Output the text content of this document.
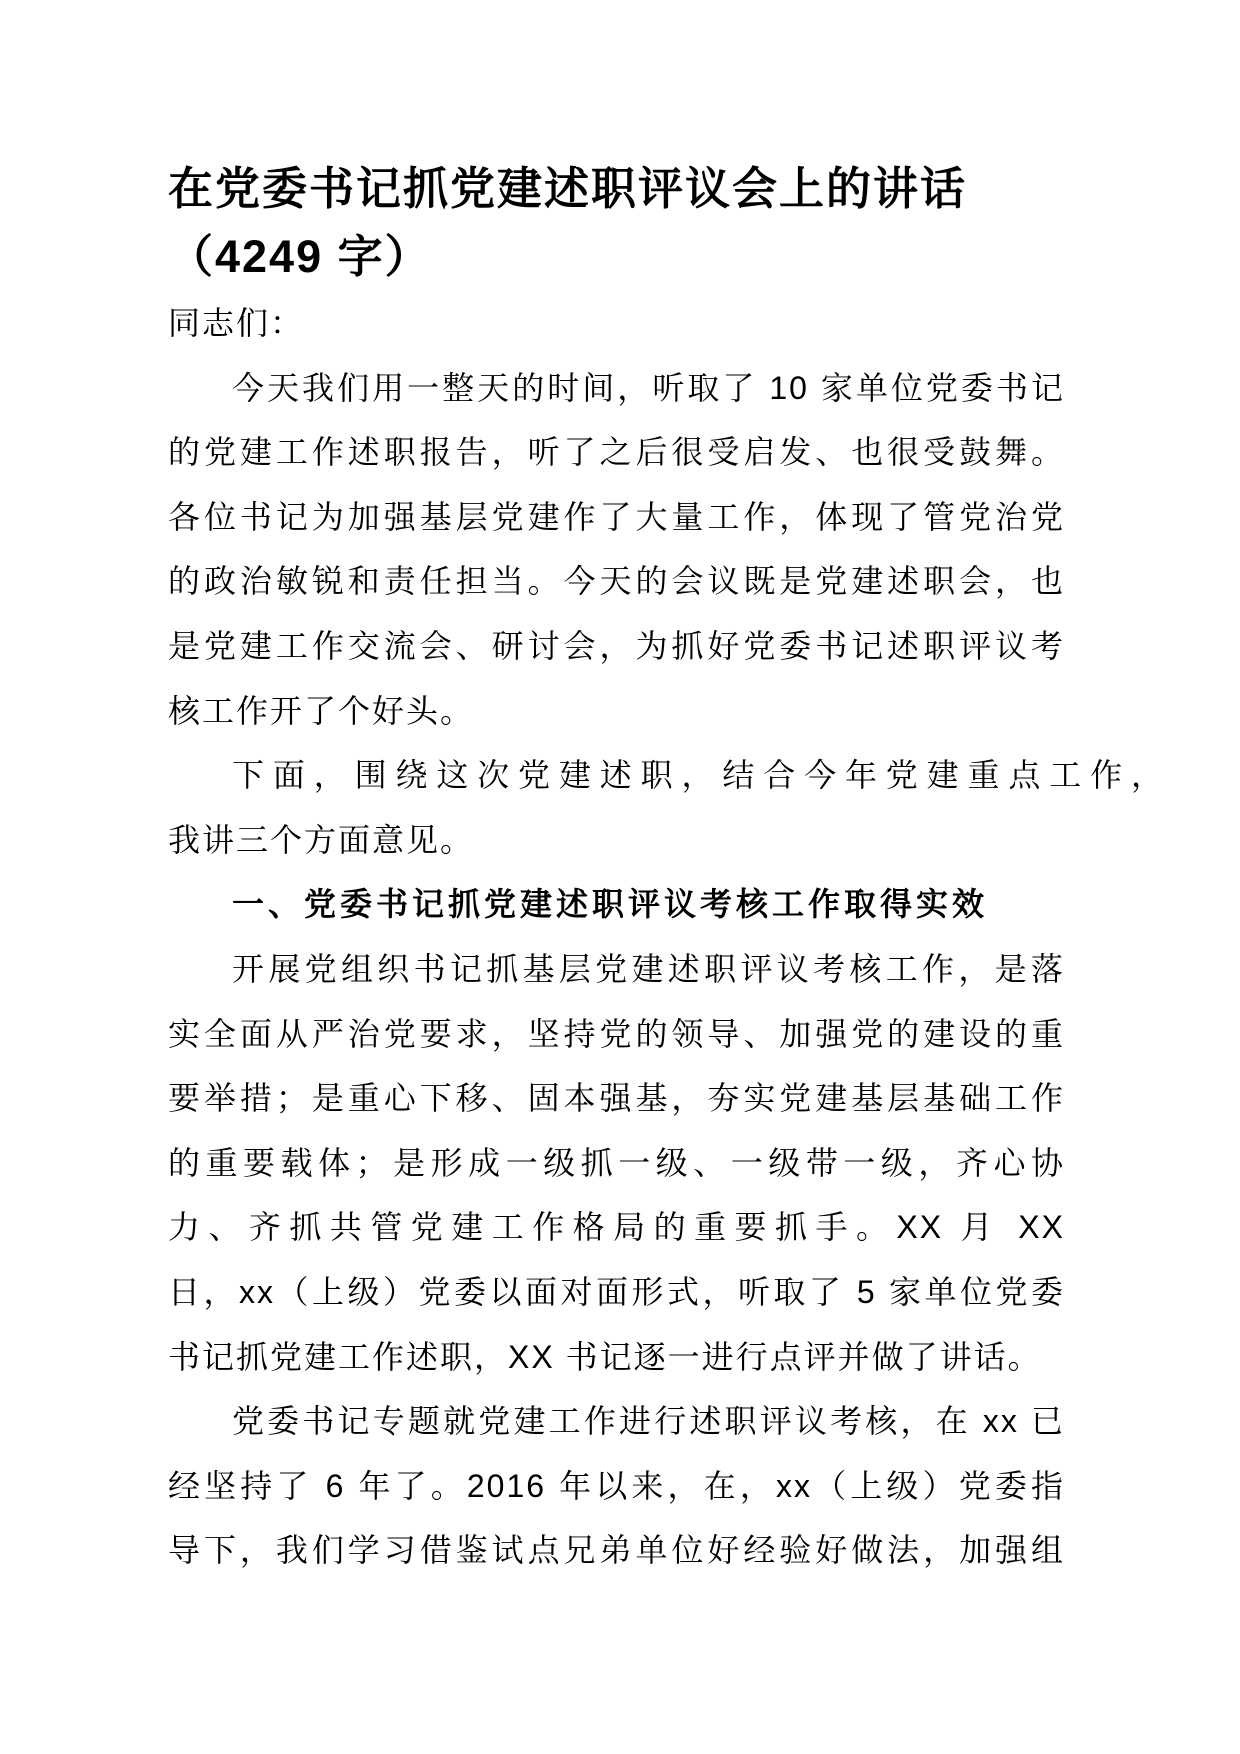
在党委书记抓党建述职评议会上的讲话
（4249 字）
同志们：
今天我们用一整天的时间，听取了 10 家单位党委书记
的党建工作述职报告，听了之后很受启发、也很受鼓舞。
各位书记为加强基层党建作了大量工作，体现了管党治党
的政治敏锐和责任担当。今天的会议既是党建述职会，也
是党建工作交流会、研讨会，为抓好党委书记述职评议考
核工作开了个好头。
下面，围绕这次党建述职，结合今年党建重点工作，
我讲三个方面意见。
一、党委书记抓党建述职评议考核工作取得实效
开展党组织书记抓基层党建述职评议考核工作，是落
实全面从严治党要求，坚持党的领导、加强党的建设的重
要举措；是重心下移、固本强基，夯实党建基层基础工作
的重要载体；是形成一级抓一级、一级带一级，齐心协
力、齐抓共管党建工作格局的重要抓手。XX 月 XX
日，xx（上级）党委以面对面形式，听取了 5 家单位党委
书记抓党建工作述职，XX 书记逐一进行点评并做了讲话。
党委书记专题就党建工作进行述职评议考核，在 xx 已
经坚持了 6 年了。2016 年以来，在，xx（上级）党委指
导下，我们学习借鉴试点兄弟单位好经验好做法，加强组
